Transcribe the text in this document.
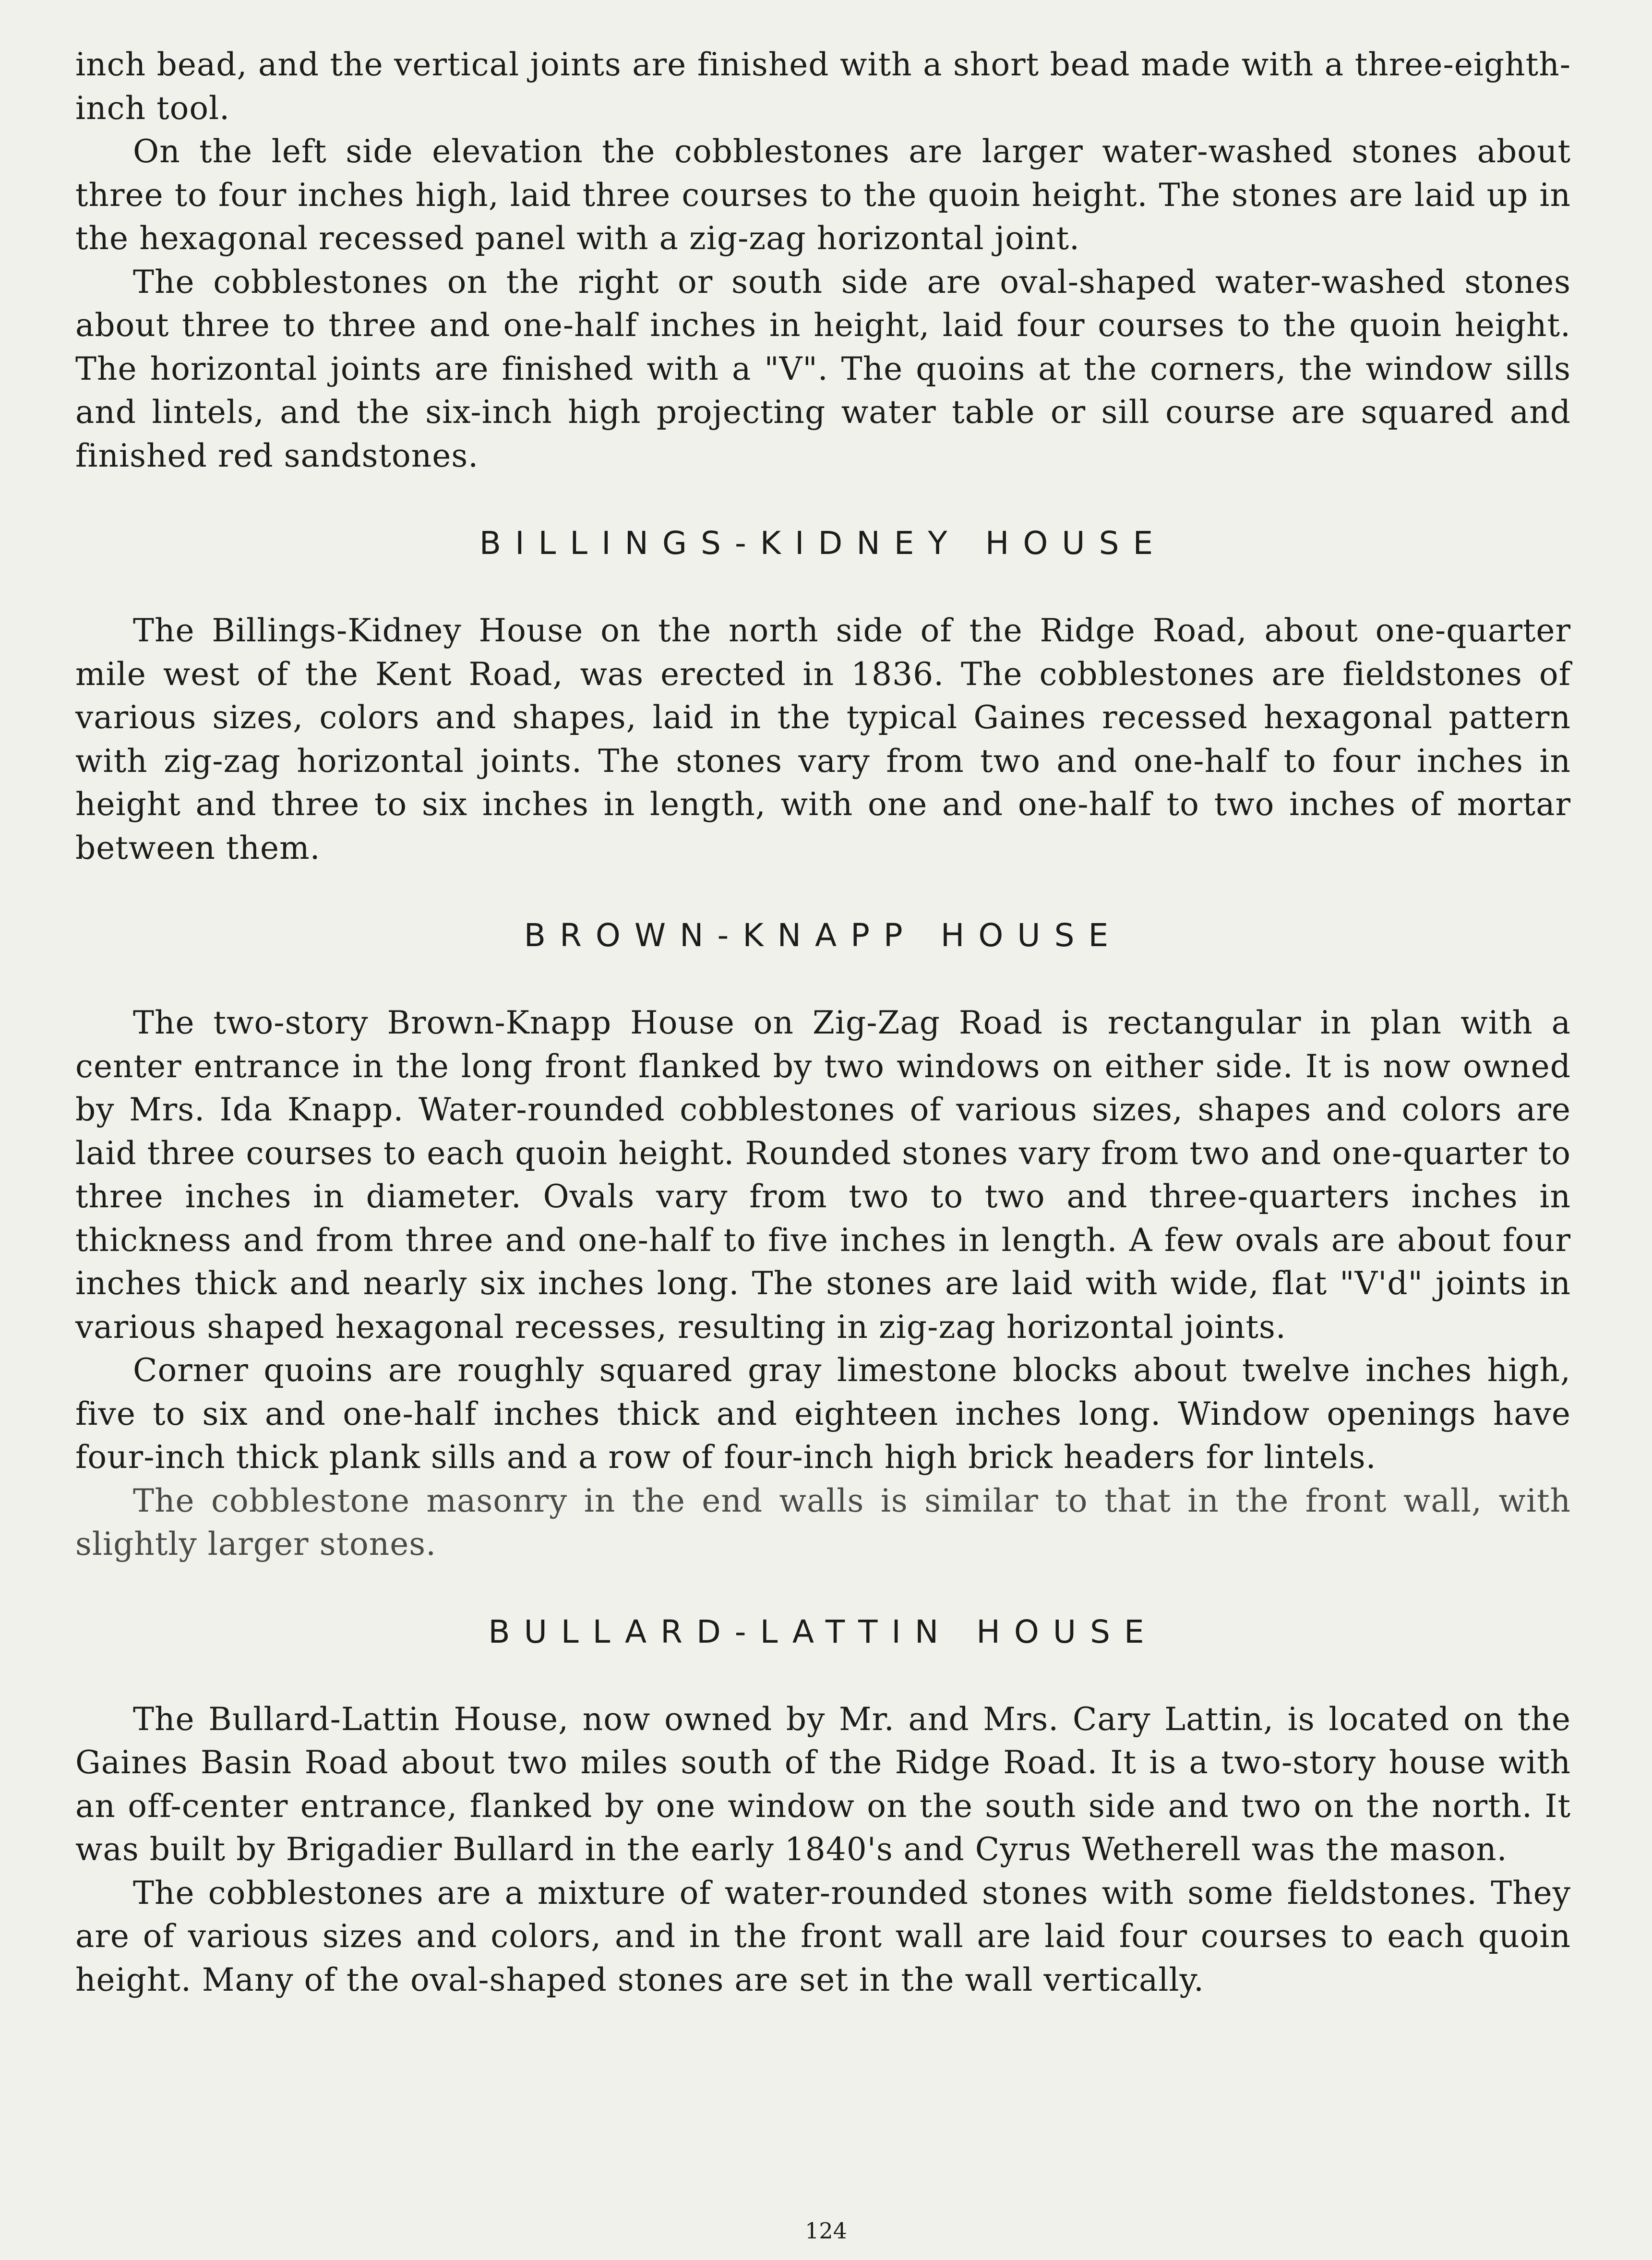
inch bead, and the vertical joints are finished with a short bead made with a three-eighth-inch tool.

On the left side elevation the cobblestones are larger water-washed stones about three to four inches high, laid three courses to the quoin height. The stones are laid up in the hexagonal recessed panel with a zig-zag horizontal joint.

The cobblestones on the right or south side are oval-shaped water-washed stones about three to three and one-half inches in height, laid four courses to the quoin height. The horizontal joints are finished with a "V". The quoins at the corners, the window sills and lintels, and the six-inch high projecting water table or sill course are squared and finished red sandstones.

BILLINGS-KIDNEY HOUSE

The Billings-Kidney House on the north side of the Ridge Road, about one-quarter mile west of the Kent Road, was erected in 1836. The cobblestones are fieldstones of various sizes, colors and shapes, laid in the typical Gaines recessed hexagonal pattern with zig-zag horizontal joints. The stones vary from two and one-half to four inches in height and three to six inches in length, with one and one-half to two inches of mortar between them.

BROWN-KNAPP HOUSE

The two-story Brown-Knapp House on Zig-Zag Road is rectangular in plan with a center entrance in the long front flanked by two windows on either side. It is now owned by Mrs. Ida Knapp. Water-rounded cobblestones of various sizes, shapes and colors are laid three courses to each quoin height. Rounded stones vary from two and one-quarter to three inches in diameter. Ovals vary from two to two and three-quarters inches in thickness and from three and one-half to five inches in length. A few ovals are about four inches thick and nearly six inches long. The stones are laid with wide, flat "V'd" joints in various shaped hexagonal recesses, resulting in zig-zag horizontal joints.

Corner quoins are roughly squared gray limestone blocks about twelve inches high, five to six and one-half inches thick and eighteen inches long. Window openings have four-inch thick plank sills and a row of four-inch high brick headers for lintels.

The cobblestone masonry in the end walls is similar to that in the front wall, with slightly larger stones.

BULLARD-LATTIN HOUSE

The Bullard-Lattin House, now owned by Mr. and Mrs. Cary Lattin, is located on the Gaines Basin Road about two miles south of the Ridge Road. It is a two-story house with an off-center entrance, flanked by one window on the south side and two on the north. It was built by Brigadier Bullard in the early 1840's and Cyrus Wetherell was the mason.

The cobblestones are a mixture of water-rounded stones with some fieldstones. They are of various sizes and colors, and in the front wall are laid four courses to each quoin height. Many of the oval-shaped stones are set in the wall vertically.

124
